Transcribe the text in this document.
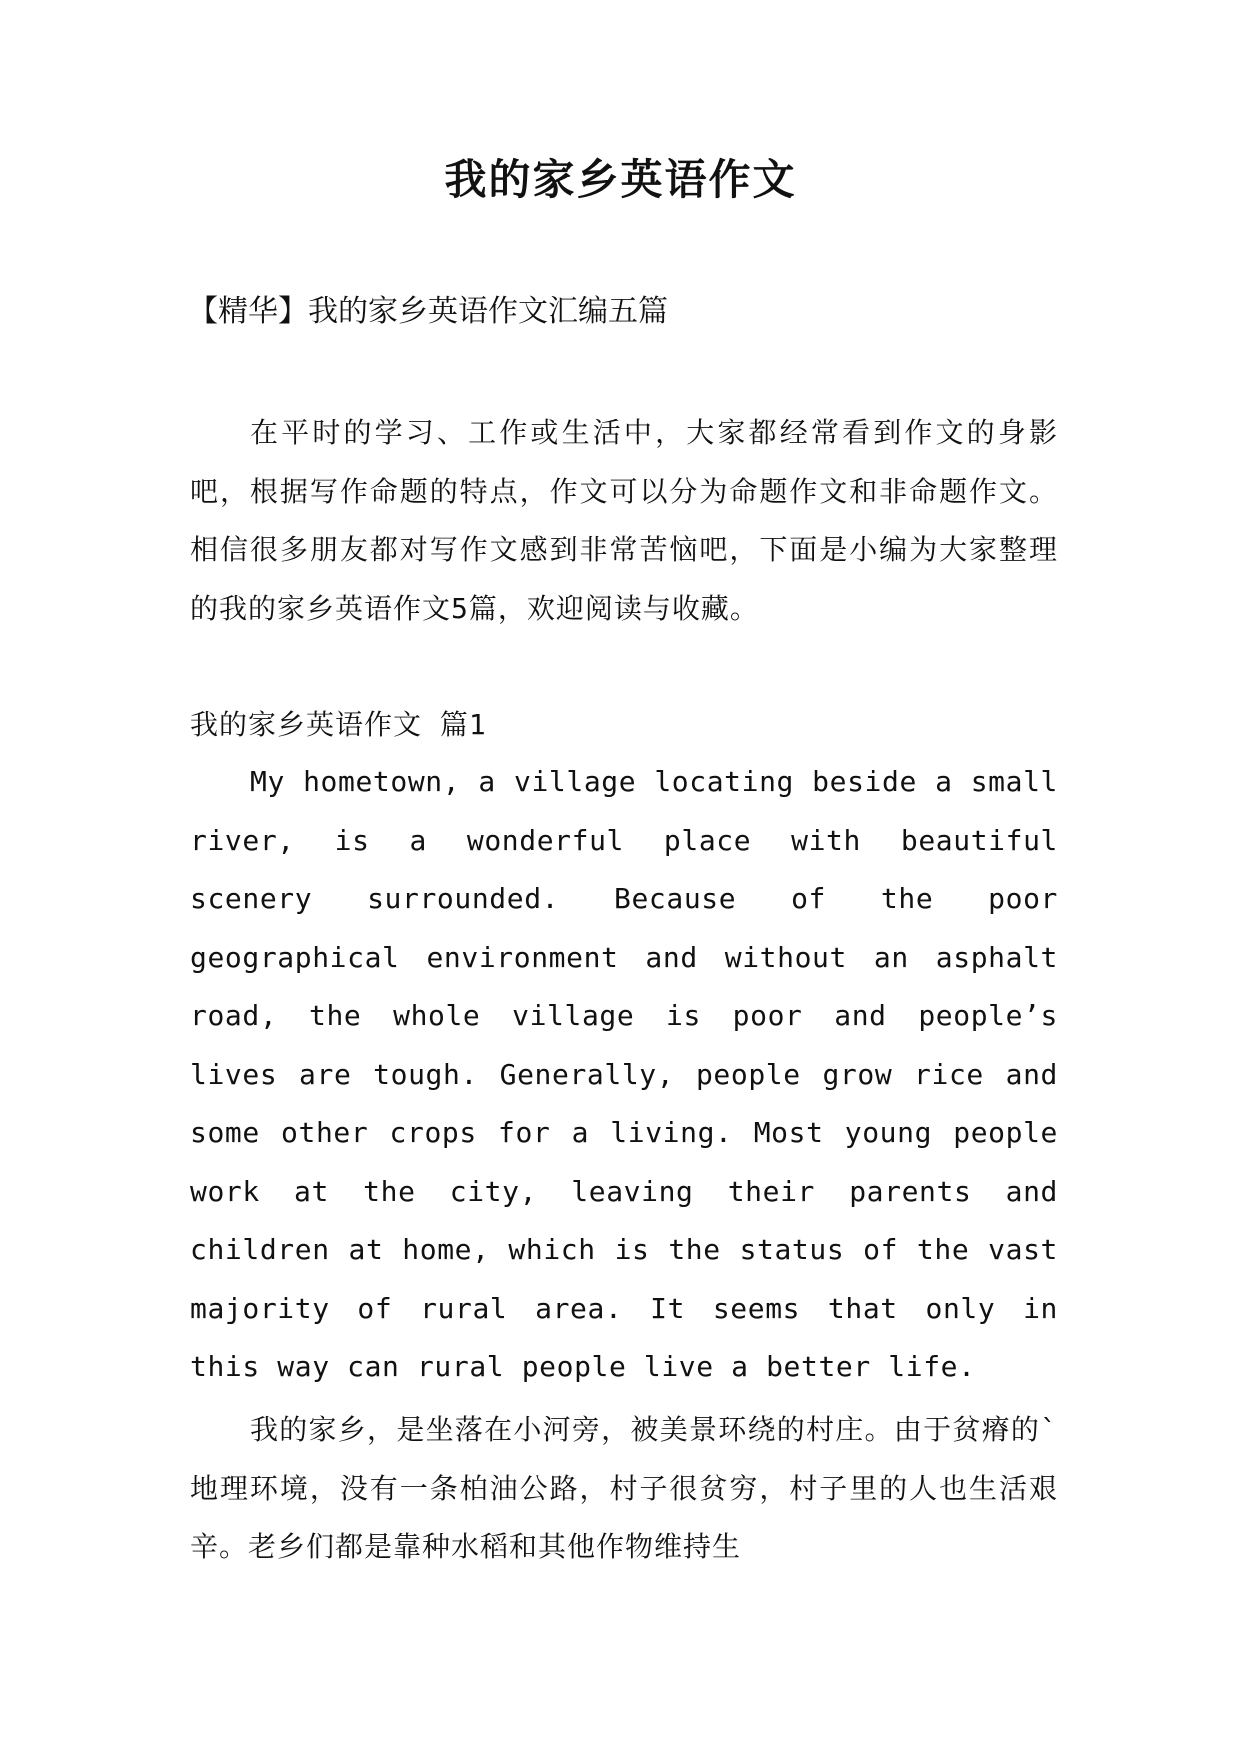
我的家乡英语作文
【精华】我的家乡英语作文汇编五篇

在平时的学习、工作或生活中，大家都经常看到作文的身影吧，根据写作命题的特点，作文可以分为命题作文和非命题作文。相信很多朋友都对写作文感到非常苦恼吧，下面是小编为大家整理的我的家乡英语作文5篇，欢迎阅读与收藏。

我的家乡英语作文 篇1

My hometown, a village locating beside a small river, is a wonderful place with beautiful scenery surrounded. Because of the poor geographical environment and without an asphalt road, the whole village is poor and people’s lives are tough. Generally, people grow rice and some other crops for a living. Most young people work at the city, leaving their parents and children at home, which is the status of the vast majority of rural area. It seems that only in this way can rural people live a better life.

我的家乡，是坐落在小河旁，被美景环绕的村庄。由于贫瘠的`地理环境，没有一条柏油公路，村子很贫穷，村子里的人也生活艰辛。老乡们都是靠种水稻和其他作物维持生
